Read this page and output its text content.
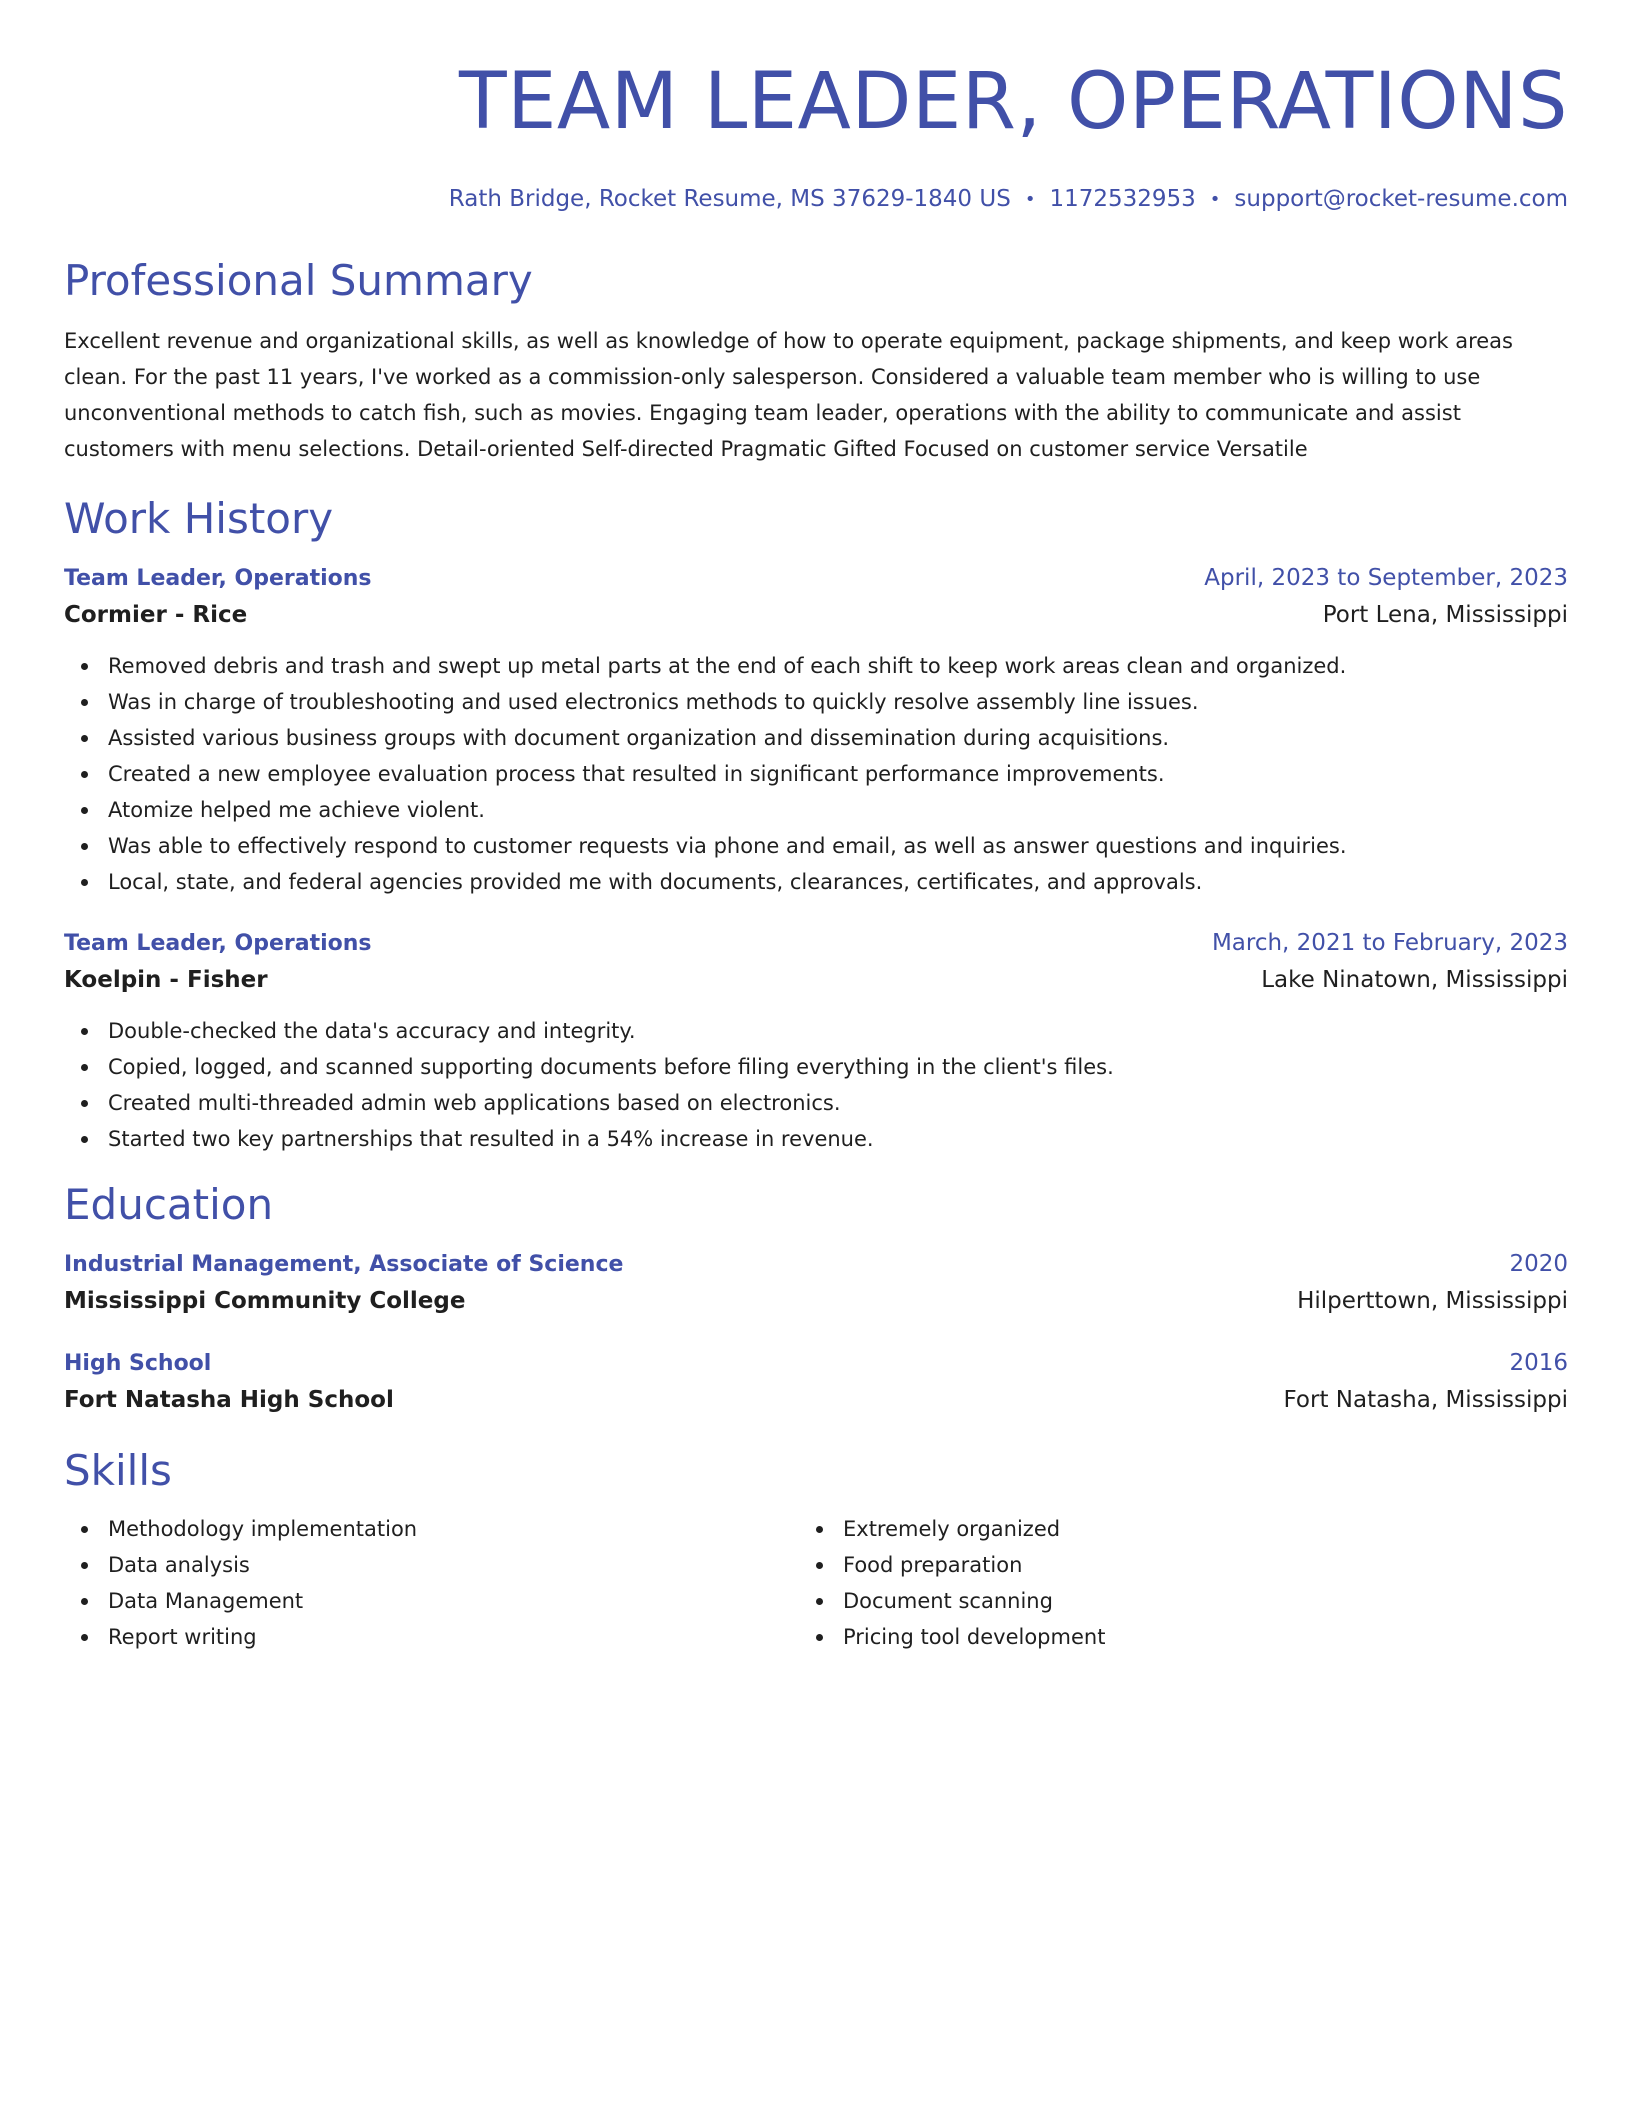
TEAM LEADER, OPERATIONS
Rath Bridge, Rocket Resume, MS 37629-1840 US • 1172532953 • support@rocket-resume.com
Professional Summary
Excellent revenue and organizational skills, as well as knowledge of how to operate equipment, package shipments, and keep work areas clean. For the past 11 years, I've worked as a commission-only salesperson. Considered a valuable team member who is willing to use unconventional methods to catch fish, such as movies. Engaging team leader, operations with the ability to communicate and assist customers with menu selections. Detail-oriented Self-directed Pragmatic Gifted Focused on customer service Versatile
Work History
Team Leader, Operations	April, 2023 to September, 2023
Cormier - Rice	Port Lena, Mississippi
Removed debris and trash and swept up metal parts at the end of each shift to keep work areas clean and organized.
Was in charge of troubleshooting and used electronics methods to quickly resolve assembly line issues.
Assisted various business groups with document organization and dissemination during acquisitions.
Created a new employee evaluation process that resulted in significant performance improvements.
Atomize helped me achieve violent.
Was able to effectively respond to customer requests via phone and email, as well as answer questions and inquiries.
Local, state, and federal agencies provided me with documents, clearances, certificates, and approvals.
Team Leader, Operations	March, 2021 to February, 2023
Koelpin - Fisher	Lake Ninatown, Mississippi
Double-checked the data's accuracy and integrity.
Copied, logged, and scanned supporting documents before filing everything in the client's files.
Created multi-threaded admin web applications based on electronics.
Started two key partnerships that resulted in a 54% increase in revenue.
Education
Industrial Management, Associate of Science	2020
Mississippi Community College	Hilperttown, Mississippi
High School	2016
Fort Natasha High School	Fort Natasha, Mississippi
Skills
Methodology implementation
Data analysis
Data Management
Report writing
Extremely organized
Food preparation
Document scanning
Pricing tool development
